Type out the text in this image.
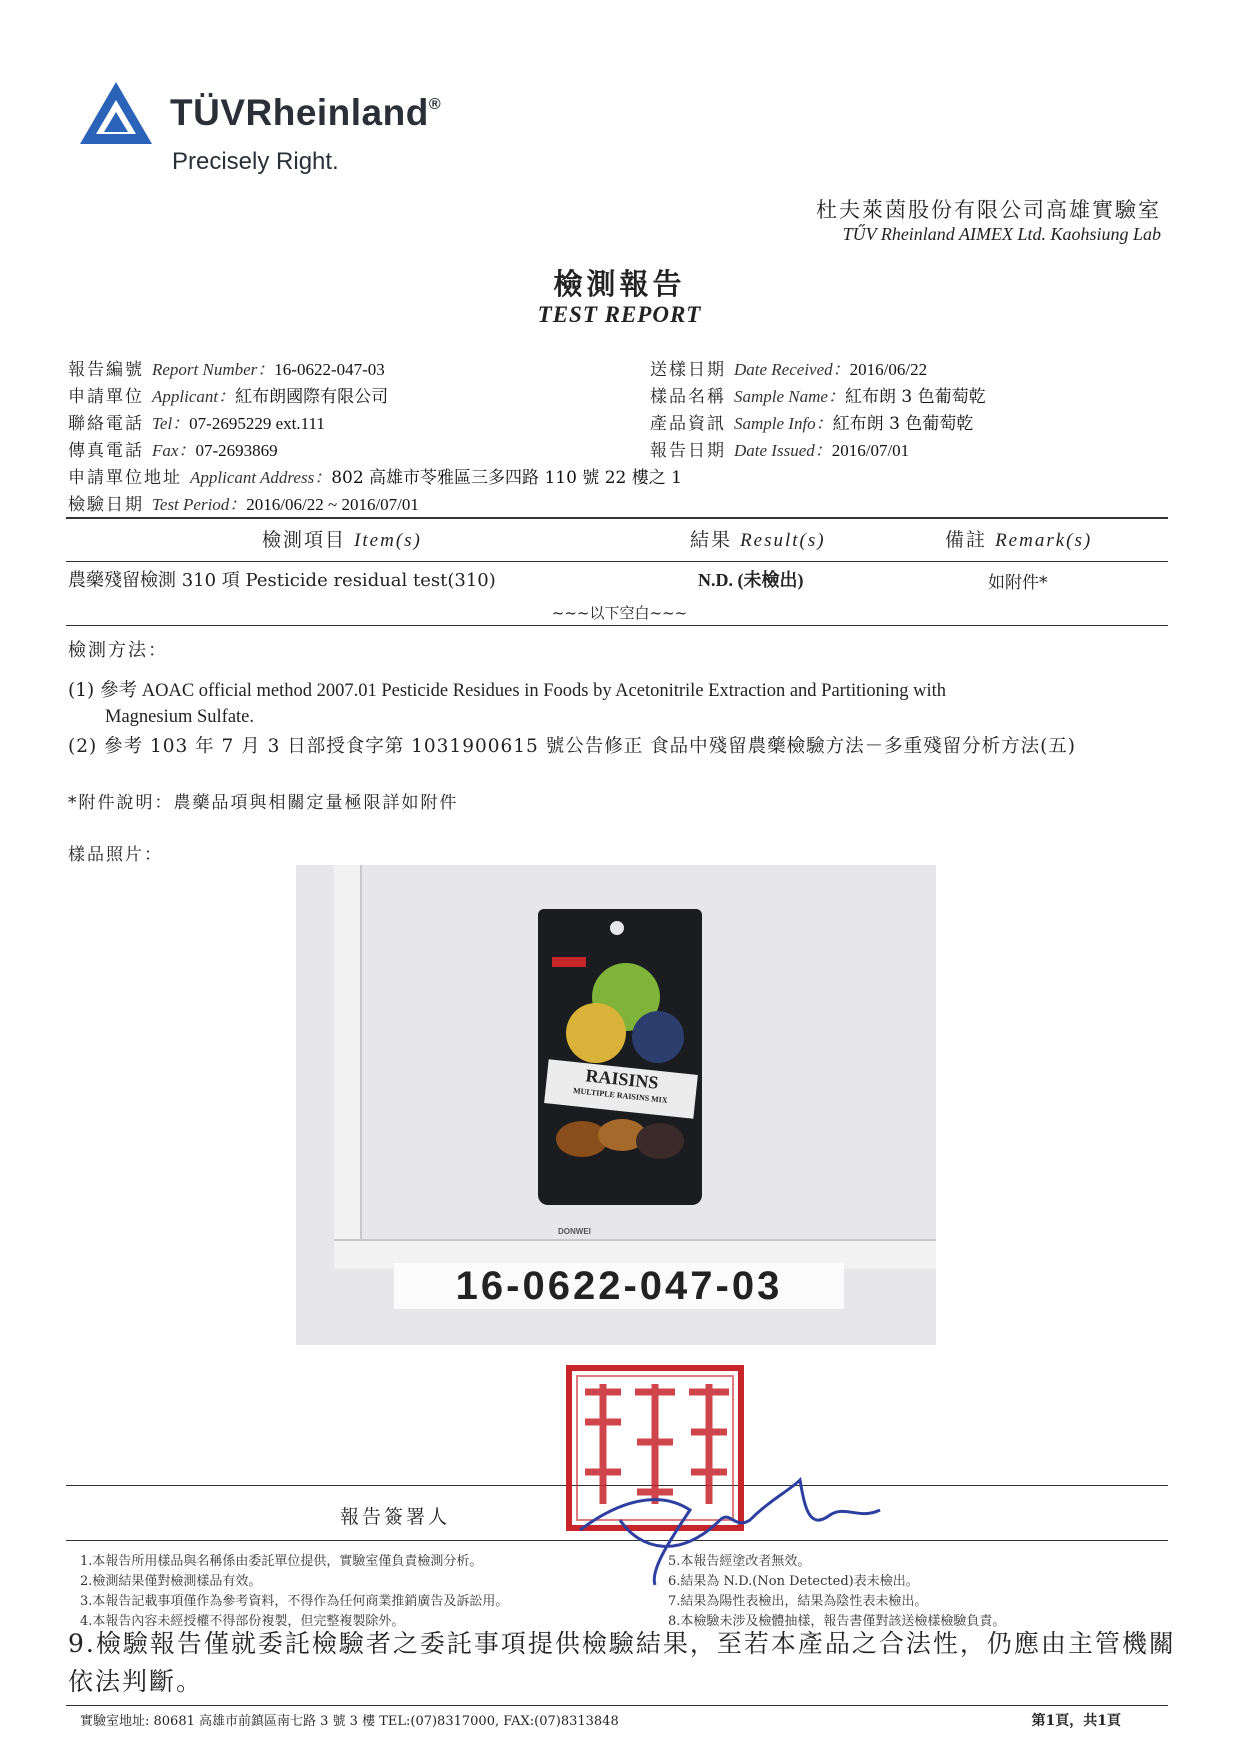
TÜVRheinland®
Precisely Right.
杜夫萊茵股份有限公司高雄實驗室
TŰV Rheinland AIMEX Ltd. Kaohsiung Lab
檢測報告
TEST REPORT
報告編號 Report Number：16-0622-047-03
申請單位 Applicant：紅布朗國際有限公司
聯絡電話 Tel：07-2695229 ext.111
傳真電話 Fax：07-2693869
申請單位地址 Applicant Address：802 高雄市苓雅區三多四路 110 號 22 樓之 1
檢驗日期 Test Period：2016/06/22 ~ 2016/07/01
送樣日期 Date Received：2016/06/22
樣品名稱 Sample Name：紅布朗 3 色葡萄乾
產品資訊 Sample Info：紅布朗 3 色葡萄乾
報告日期 Date Issued：2016/07/01
檢測項目 Item(s)	結果 Result(s)	備註 Remark(s)
農藥殘留檢測 310 項 Pesticide residual test(310)	N.D. (未檢出)	如附件*
~~~以下空白~~~
檢測方法：
(1) 參考 AOAC official method 2007.01 Pesticide Residues in Foods by Acetonitrile Extraction and Partitioning with
Magnesium Sulfate.
(2) 參考 103 年 7 月 3 日部授食字第 1031900615 號公告修正 食品中殘留農藥檢驗方法－多重殘留分析方法(五)
*附件說明：農藥品項與相關定量極限詳如附件
樣品照片：
DONWEI
RAISINS
MULTIPLE RAISINS MIX
16-0622-047-03
報告簽署人
1.本報告所用樣品與名稱係由委託單位提供，實驗室僅負責檢測分析。
2.檢測結果僅對檢測樣品有效。
3.本報告記載事項僅作為參考資料，不得作為任何商業推銷廣告及訴訟用。
4.本報告內容未經授權不得部份複製，但完整複製除外。
5.本報告經塗改者無效。
6.結果為 N.D.(Non Detected)表未檢出。
7.結果為陽性表檢出，結果為陰性表未檢出。
8.本檢驗未涉及檢體抽樣，報告書僅對該送檢樣檢驗負責。
9.檢驗報告僅就委託檢驗者之委託事項提供檢驗結果，至若本產品之合法性，仍應由主管機關依法判斷。
實驗室地址: 80681 高雄市前鎮區南七路 3 號 3 樓 TEL:(07)8317000, FAX:(07)8313848	第1頁，共1頁
